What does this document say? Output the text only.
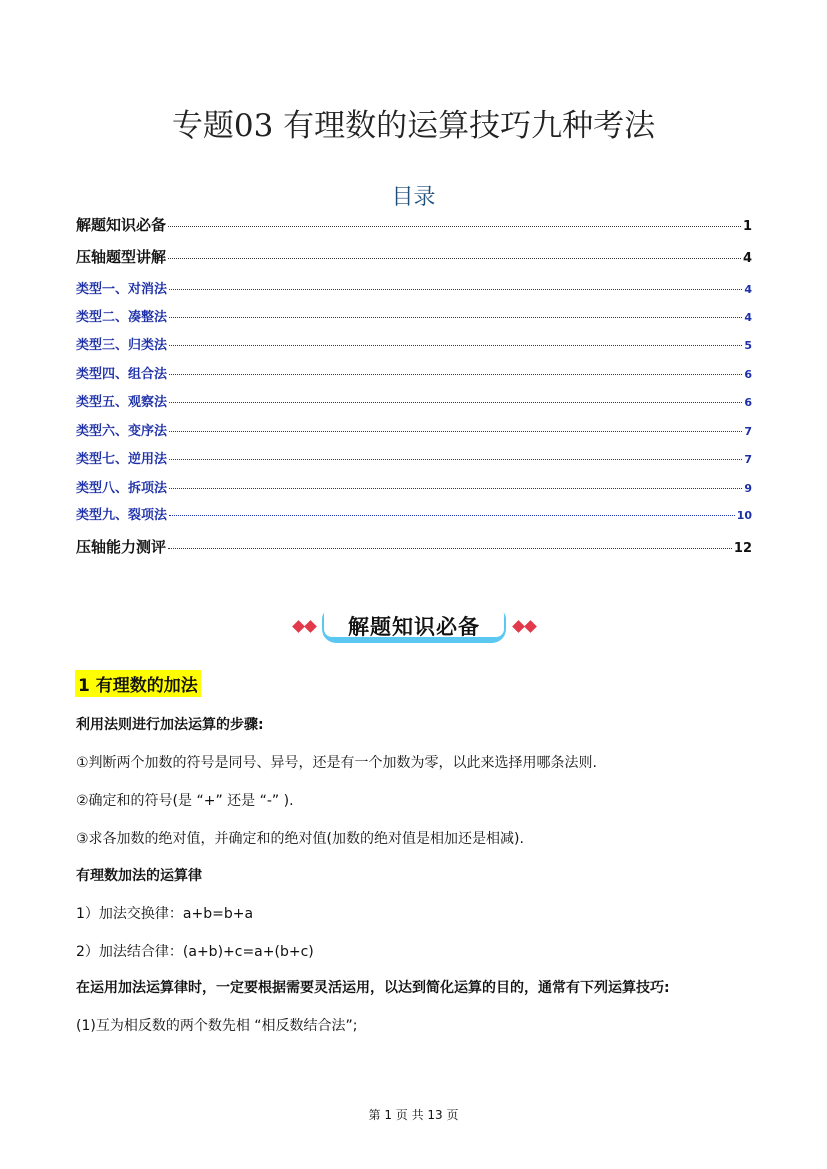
专题03 有理数的运算技巧九种考法
目录
解题知识必备	1
压轴题型讲解	4
类型一、对消法	4
类型二、凑整法	4
类型三、归类法	5
类型四、组合法	6
类型五、观察法	6
类型六、变序法	7
类型七、逆用法	7
类型八、拆项法	9
类型九、裂项法	10
压轴能力测评	12
解题知识必备
1 有理数的加法
利用法则进行加法运算的步骤:
①判断两个加数的符号是同号、异号，还是有一个加数为零，以此来选择用哪条法则.
②确定和的符号(是 “+” 还是 “-” ).
③求各加数的绝对值，并确定和的绝对值(加数的绝对值是相加还是相减).
有理数加法的运算律
1）加法交换律：a+b=b+a
2）加法结合律：(a+b)+c=a+(b+c)
在运用加法运算律时，一定要根据需要灵活运用，以达到简化运算的目的，通常有下列运算技巧:
(1)互为相反数的两个数先相 “相反数结合法”;
第 1 页 共 13 页
